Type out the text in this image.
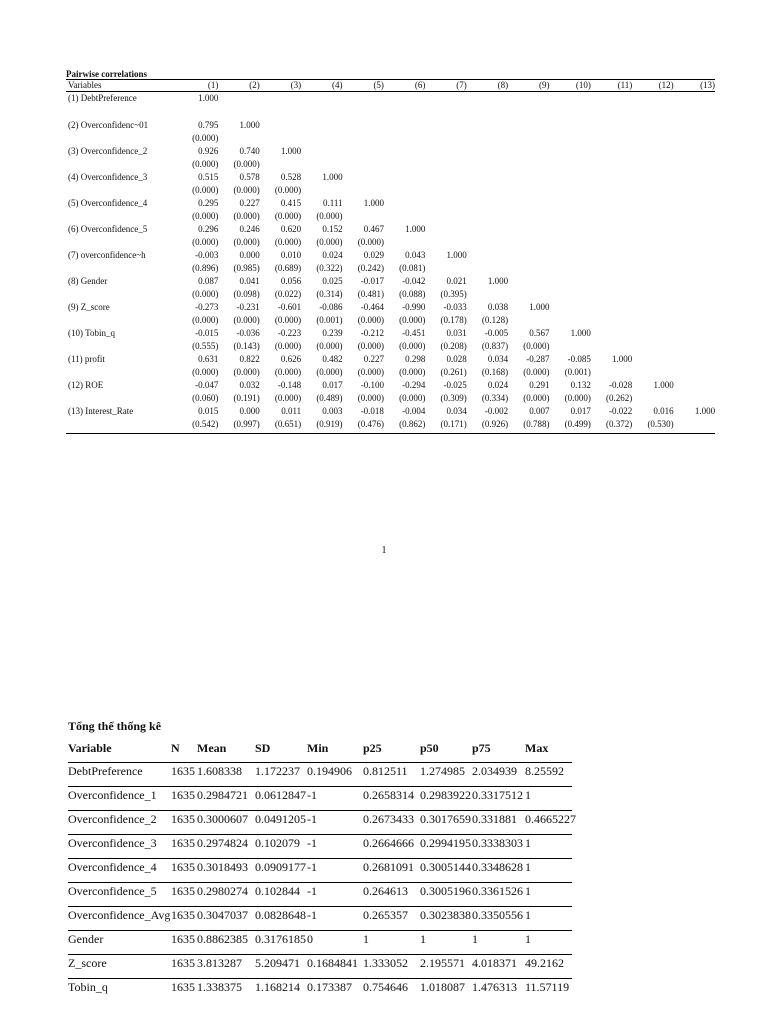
Pairwise correlations
Variables	(1)	(2)	(3)	(4)	(5)	(6)	(7)	(8)	(9)	(10)	(11)	(12)	(13)
(1) DebtPreference	1.000
(2) Overconfidenc~01	0.795	1.000
(0.000)
(3) Overconfidence_2	0.926	0.740	1.000
(0.000)	(0.000)
(4) Overconfidence_3	0.515	0.578	0.528	1.000
(0.000)	(0.000)	(0.000)
(5) Overconfidence_4	0.295	0.227	0.415	0.111	1.000
(0.000)	(0.000)	(0.000)	(0.000)
(6) Overconfidence_5	0.296	0.246	0.620	0.152	0.467	1.000
(0.000)	(0.000)	(0.000)	(0.000)	(0.000)
(7) overconfidence~h	-0.003	0.000	0.010	0.024	0.029	0.043	1.000
(0.896)	(0.985)	(0.689)	(0.322)	(0.242)	(0.081)
(8) Gender	0.087	0.041	0.056	0.025	-0.017	-0.042	0.021	1.000
(0.000)	(0.098)	(0.022)	(0.314)	(0.481)	(0.088)	(0.395)
(9) Z_score	-0.273	-0.231	-0.601	-0.086	-0.464	-0.990	-0.033	0.038	1.000
(0.000)	(0.000)	(0.000)	(0.001)	(0.000)	(0.000)	(0.178)	(0.128)
(10) Tobin_q	-0.015	-0.036	-0.223	0.239	-0.212	-0.451	0.031	-0.005	0.567	1.000
(0.555)	(0.143)	(0.000)	(0.000)	(0.000)	(0.000)	(0.208)	(0.837)	(0.000)
(11) profit	0.631	0.822	0.626	0.482	0.227	0.298	0.028	0.034	-0.287	-0.085	1.000
(0.000)	(0.000)	(0.000)	(0.000)	(0.000)	(0.000)	(0.261)	(0.168)	(0.000)	(0.001)
(12) ROE	-0.047	0.032	-0.148	0.017	-0.100	-0.294	-0.025	0.024	0.291	0.132	-0.028	1.000
(0.060)	(0.191)	(0.000)	(0.489)	(0.000)	(0.000)	(0.309)	(0.334)	(0.000)	(0.000)	(0.262)
(13) Interest_Rate	0.015	0.000	0.011	0.003	-0.018	-0.004	0.034	-0.002	0.007	0.017	-0.022	0.016	1.000
(0.542)	(0.997)	(0.651)	(0.919)	(0.476)	(0.862)	(0.171)	(0.926)	(0.788)	(0.499)	(0.372)	(0.530)
1
Tổng thể thống kê
Variable	N	Mean	SD	Min	p25	p50	p75	Max
DebtPreference	1635 1.608338	1.172237 0.194906 0.812511	1.274985 2.034939 8.25592
Overconfidence_1	1635 0.2984721 0.0612847 -1	0.2658314 0.2983922 0.3317512 1
Overconfidence_2	1635 0.3000607 0.0491205 -1	0.2673433 0.3017659 0.331881 0.4665227
Overconfidence_3	1635 0.2974824 0.102079 -1	0.2664666 0.2994195 0.3338303 1
Overconfidence_4	1635 0.3018493 0.0909177 -1	0.2681091 0.3005144 0.3348628 1
Overconfidence_5	1635 0.2980274 0.102844 -1	0.264613	0.3005196 0.3361526 1
Overconfidence_Avg 1635 0.3047037 0.0828648 -1	0.265357	0.3023838 0.3350556 1
Gender	1635 0.8862385 0.3176185 0	1	1	1	1
Z_score	1635 3.813287	5.209471 0.1684841 1.333052	2.195571 4.018371 49.2162
Tobin_q	1635 1.338375	1.168214 0.173387 0.754646	1.018087 1.476313 11.57119
